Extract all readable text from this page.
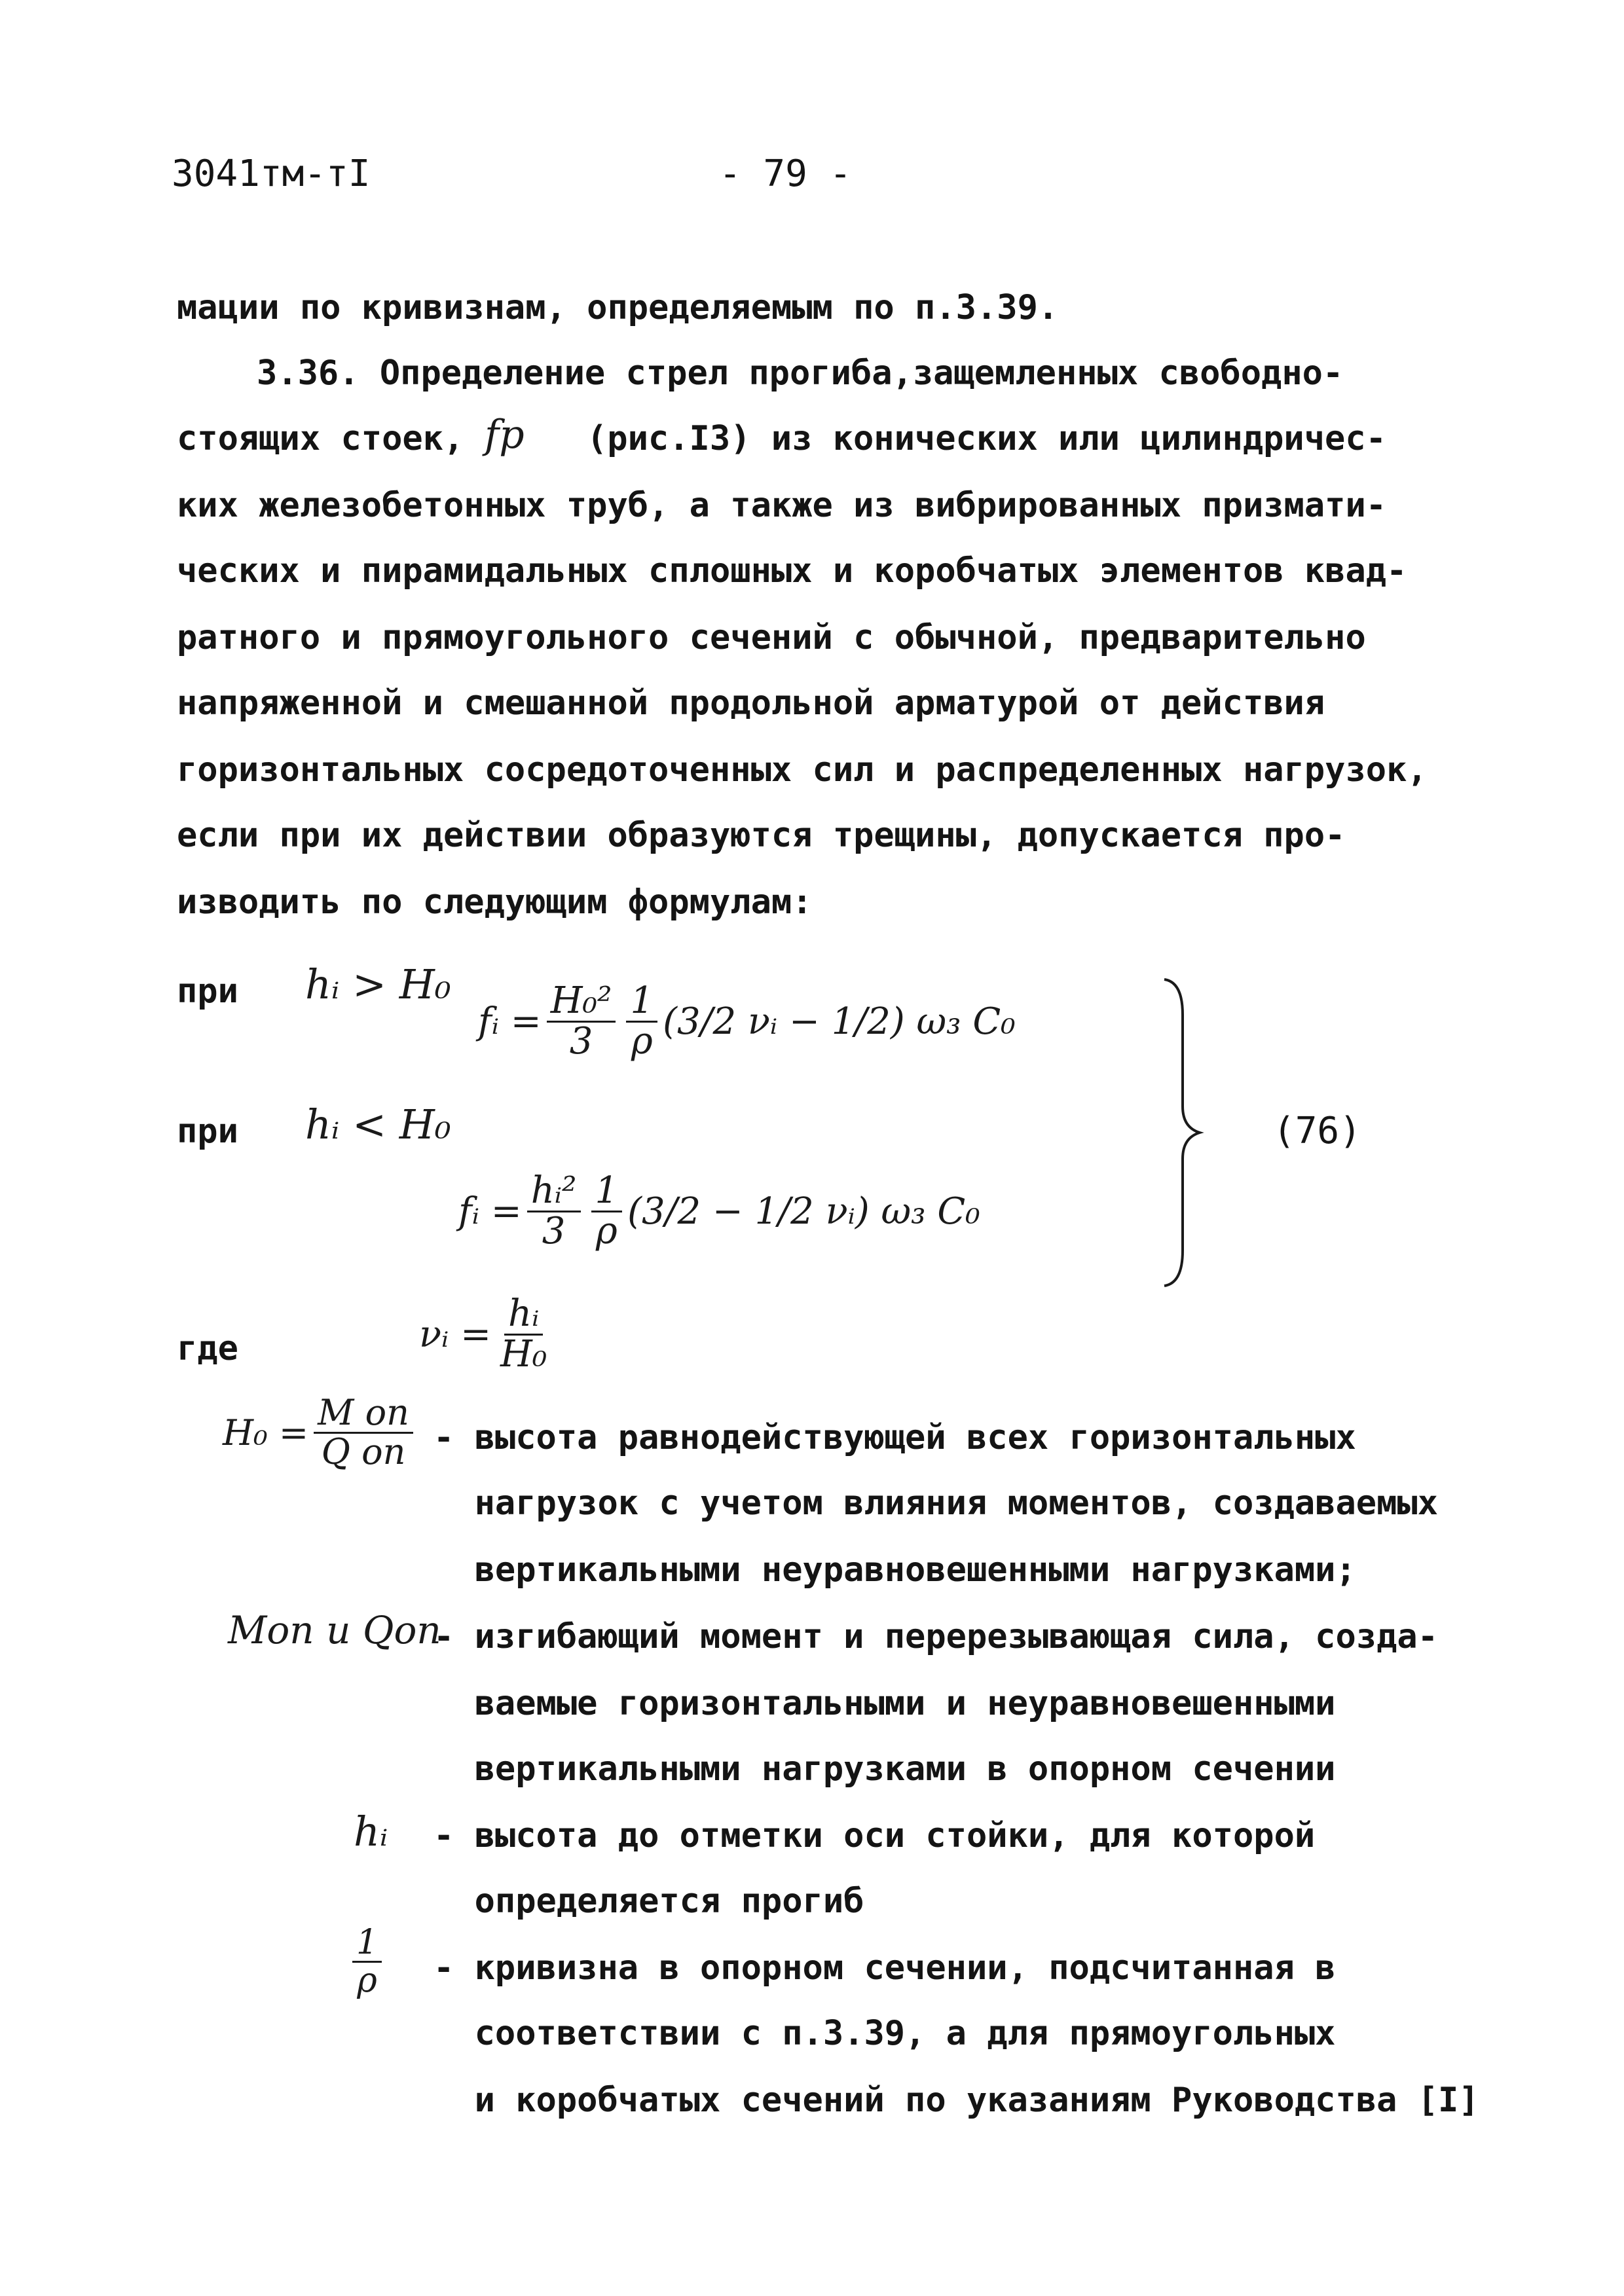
3041тм-тI	- 79 -
мации по кривизнам, определяемым по п.3.39.
3.36. Определение стрел прогиба,защемленных свободно-
стоящих стоек, fр (рис.I3) из конических или цилиндричес-
ких железобетонных труб, а также из вибрированных призмати-
ческих и пирамидальных сплошных и коробчатых элементов квад-
ратного и прямоугольного сечений с обычной, предварительно
напряженной и смешанной продольной арматурой от действия
горизонтальных сосредоточенных сил и распределенных нагрузок,
если при их действии образуются трещины, допускается про-
изводить по следующим формулам:
при hᵢ > H₀
fᵢ = $\frac{\text{H₀²}}{3} \frac{1}{\rho} (3/2$ νᵢ − 1/2) ω₃ C₀
при hᵢ < H₀
fᵢ = $\frac{\text{hᵢ²}}{3} \frac{1}{\rho} (3/2 - 1/2$ νᵢ) ω₃ C₀
(76)
где	νᵢ = $\frac{\text{hᵢ}}{\text{H₀}}$
$H_0 = \frac{\text{M оп}}{\text{Q оп}}$ - высота равнодействующей всех горизонтальных
нагрузок с учетом влияния моментов, создаваемых
вертикальными неуравновешенными нагрузками;
Mоп и Qоп
- изгибающий момент и перерезывающая сила, созда-
ваемые горизонтальными и неуравновешенными
вертикальными нагрузками в опорном сечении
hᵢ - высота до отметки оси стойки, для которой
определяется прогиб
$\frac{1}{\rho}$ - кривизна в опорном сечении, подсчитанная в
соответствии с п.3.39, а для прямоугольных
и коробчатых сечений по указаниям Руководства [I]
